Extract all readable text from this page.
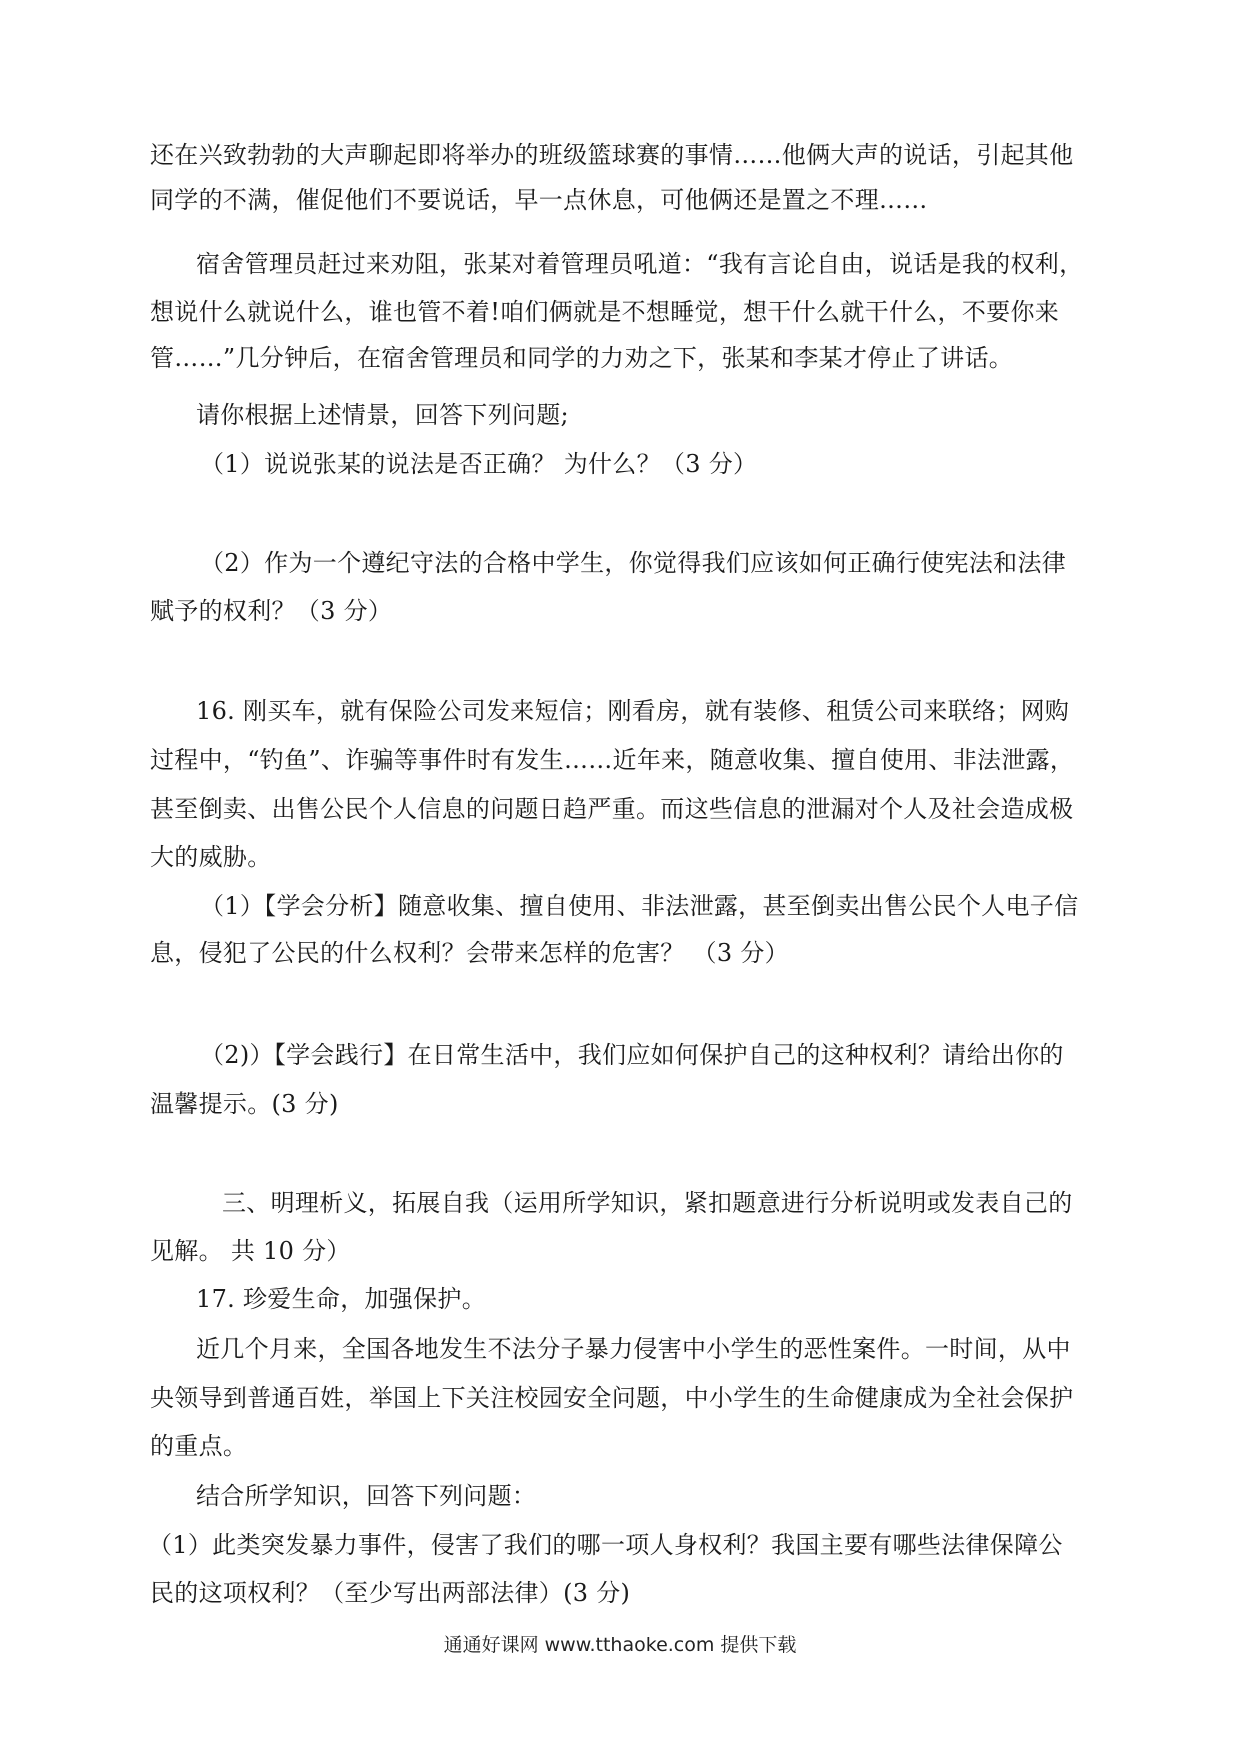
还在兴致勃勃的大声聊起即将举办的班级篮球赛的事情……他俩大声的说话，引起其他
同学的不满，催促他们不要说话，早一点休息，可他俩还是置之不理……
宿舍管理员赶过来劝阻，张某对着管理员吼道：“我有言论自由，说话是我的权利，
想说什么就说什么，谁也管不着!咱们俩就是不想睡觉，想干什么就干什么，不要你来
管……”几分钟后，在宿舍管理员和同学的力劝之下，张某和李某才停止了讲话。
请你根据上述情景，回答下列问题;
（1）说说张某的说法是否正确？ 为什么？（3 分）
（2）作为一个遵纪守法的合格中学生，你觉得我们应该如何正确行使宪法和法律
赋予的权利？（3 分）
16. 刚买车，就有保险公司发来短信；刚看房，就有装修、租赁公司来联络；网购
过程中，“钓鱼”、诈骗等事件时有发生……近年来，随意收集、擅自使用、非法泄露，
甚至倒卖、出售公民个人信息的问题日趋严重。而这些信息的泄漏对个人及社会造成极
大的威胁。
（1）【学会分析】随意收集、擅自使用、非法泄露，甚至倒卖出售公民个人电子信
息，侵犯了公民的什么权利？会带来怎样的危害？ （3 分）
（2)）【学会践行】在日常生活中，我们应如何保护自己的这种权利？请给出你的
温馨提示。(3 分)
三、明理析义，拓展自我（运用所学知识，紧扣题意进行分析说明或发表自己的
见解。 共 10 分）
17. 珍爱生命，加强保护。
近几个月来，全国各地发生不法分子暴力侵害中小学生的恶性案件。一时间，从中
央领导到普通百姓，举国上下关注校园安全问题，中小学生的生命健康成为全社会保护
的重点。
结合所学知识，回答下列问题：
（1）此类突发暴力事件，侵害了我们的哪一项人身权利？我国主要有哪些法律保障公
民的这项权利？（至少写出两部法律）(3 分)
通通好课网 www.tthaoke.com 提供下载
